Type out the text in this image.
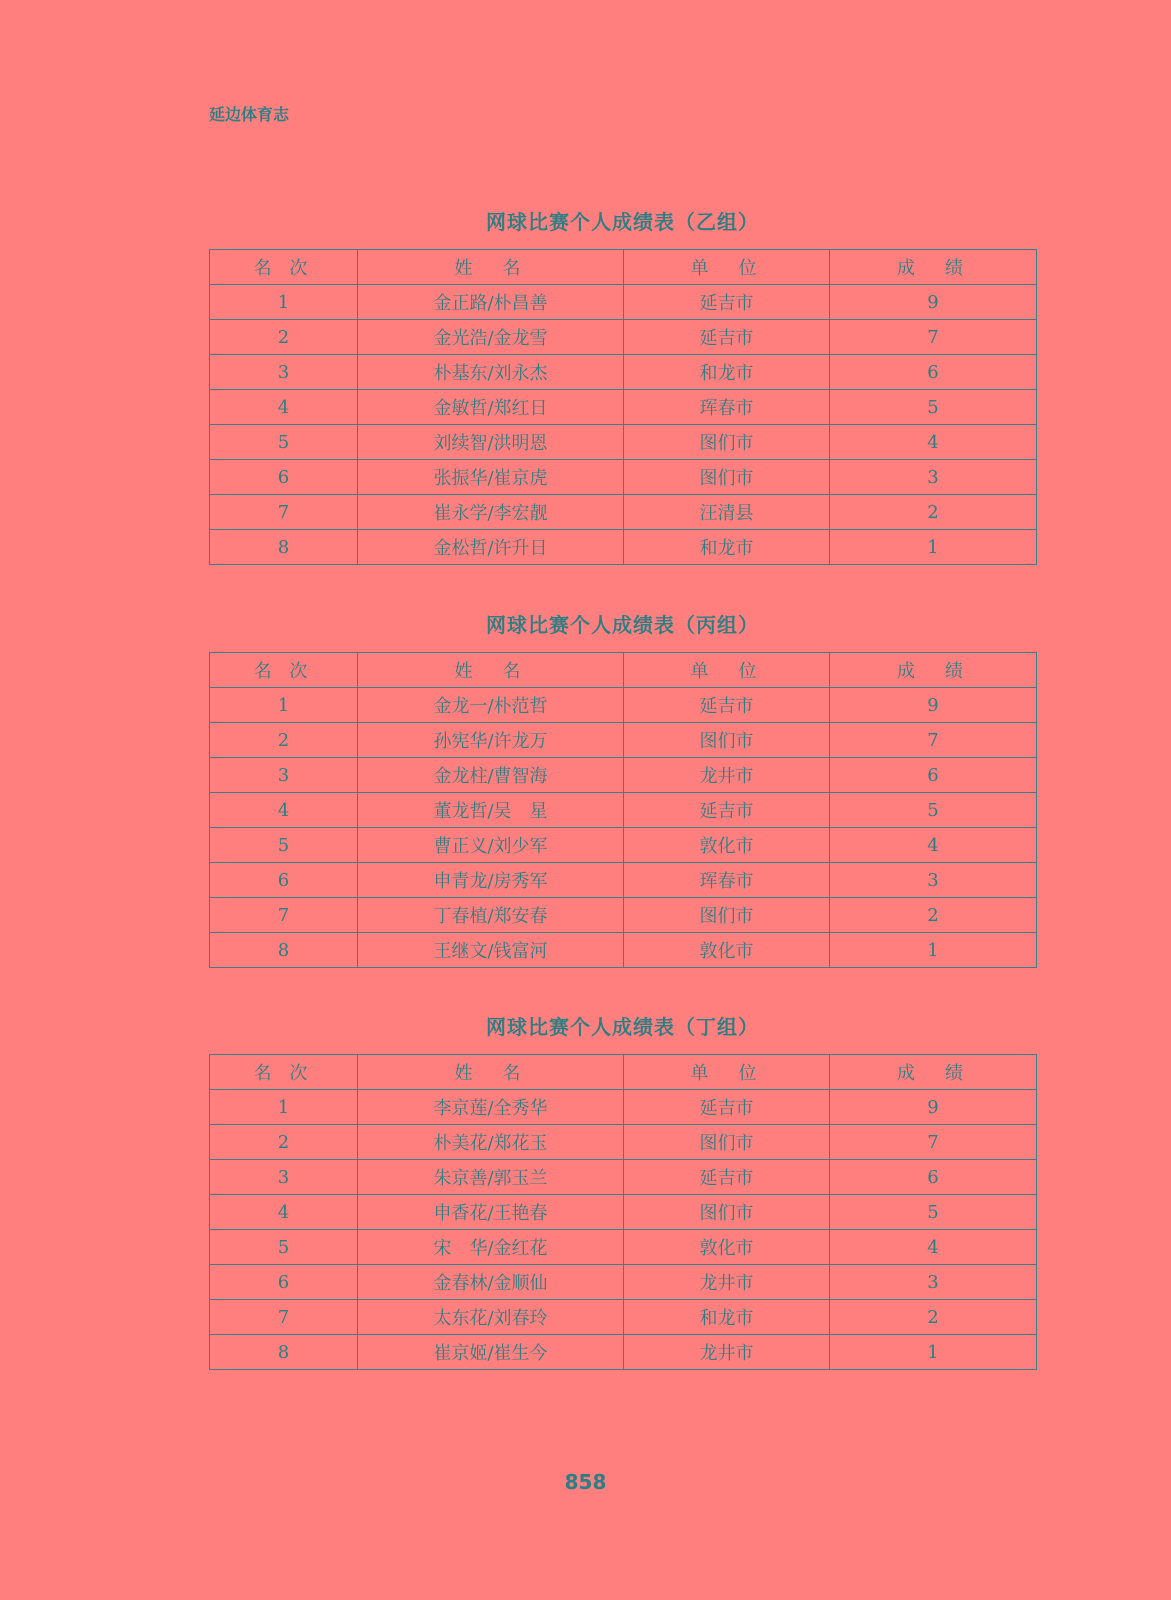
延边体育志
网球比赛个人成绩表（乙组）
名 次	姓　名	单　位	成　绩
1	金正路/朴昌善	延吉市	9
2	金光浩/金龙雪	延吉市	7
3	朴基东/刘永杰	和龙市	6
4	金敏哲/郑红日	珲春市	5
5	刘续智/洪明恩	图们市	4
6	张振华/崔京虎	图们市	3
7	崔永学/李宏靓	汪清县	2
8	金松哲/许升日	和龙市	1
网球比赛个人成绩表（丙组）
名 次	姓　名	单　位	成　绩
1	金龙一/朴范哲	延吉市	9
2	孙宪华/许龙万	图们市	7
3	金龙柱/曹智海	龙井市	6
4	董龙哲/吴　星	延吉市	5
5	曹正义/刘少军	敦化市	4
6	申青龙/房秀军	珲春市	3
7	丁春植/郑安春	图们市	2
8	王继文/钱富河	敦化市	1
网球比赛个人成绩表（丁组）
名 次	姓　名	单　位	成　绩
1	李京莲/全秀华	延吉市	9
2	朴美花/郑花玉	图们市	7
3	朱京善/郭玉兰	延吉市	6
4	申香花/王艳春	图们市	5
5	宋　华/金红花	敦化市	4
6	金春林/金顺仙	龙井市	3
7	太东花/刘春玲	和龙市	2
8	崔京姬/崔生今	龙井市	1
858
